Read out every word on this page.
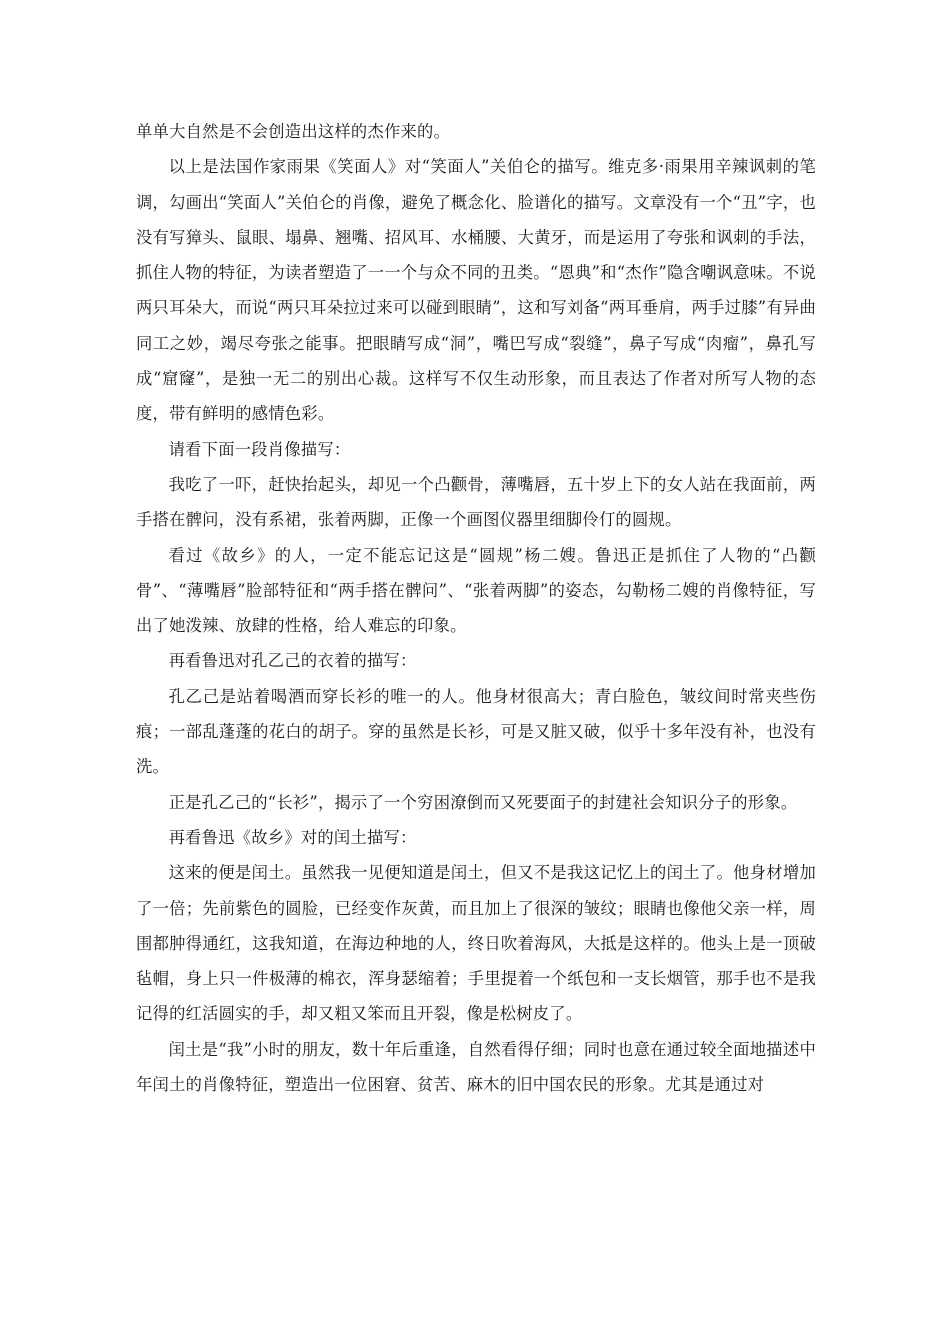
单单大自然是不会创造出这样的杰作来的。

以上是法国作家雨果《笑面人》对“笑面人”关伯仑的描写。维克多·雨果用辛辣讽刺的笔调，勾画出“笑面人”关伯仑的肖像，避免了概念化、脸谱化的描写。文章没有一个“丑”字，也没有写獐头、鼠眼、塌鼻、翘嘴、招风耳、水桶腰、大黄牙，而是运用了夸张和讽刺的手法，抓住人物的特征，为读者塑造了一一个与众不同的丑类。“恩典”和“杰作”隐含嘲讽意味。不说两只耳朵大，而说“两只耳朵拉过来可以碰到眼睛”，这和写刘备“两耳垂肩，两手过膝”有异曲同工之妙，竭尽夸张之能事。把眼睛写成“洞”，嘴巴写成“裂缝”，鼻子写成“肉瘤”，鼻孔写成“窟窿”，是独一无二的别出心裁。这样写不仅生动形象，而且表达了作者对所写人物的态度，带有鲜明的感情色彩。

请看下面一段肖像描写：

我吃了一吓，赶快抬起头，却见一个凸颧骨，薄嘴唇，五十岁上下的女人站在我面前，两手搭在髀问，没有系裙，张着两脚，正像一个画图仪器里细脚伶仃的圆规。

看过《故乡》的人，一定不能忘记这是“圆规”杨二嫂。鲁迅正是抓住了人物的“凸颧骨”、“薄嘴唇”脸部特征和“两手搭在髀问”、“张着两脚”的姿态，勾勒杨二嫂的肖像特征，写出了她泼辣、放肆的性格，给人难忘的印象。

再看鲁迅对孔乙己的衣着的描写：

孔乙己是站着喝酒而穿长衫的唯一的人。他身材很高大；青白脸色，皱纹间时常夹些伤痕；一部乱蓬蓬的花白的胡子。穿的虽然是长衫，可是又脏又破，似乎十多年没有补，也没有洗。

正是孔乙己的“长衫”，揭示了一个穷困潦倒而又死要面子的封建社会知识分子的形象。

再看鲁迅《故乡》对的闰土描写：

这来的便是闰土。虽然我一见便知道是闰土，但又不是我这记忆上的闰土了。他身材增加了一倍；先前紫色的圆脸，已经变作灰黄，而且加上了很深的皱纹；眼睛也像他父亲一样，周围都肿得通红，这我知道，在海边种地的人，终日吹着海风，大抵是这样的。他头上是一顶破毡帽，身上只一件极薄的棉衣，浑身瑟缩着；手里提着一个纸包和一支长烟管，那手也不是我记得的红活圆实的手，却又粗又笨而且开裂，像是松树皮了。

闰土是“我”小时的朋友，数十年后重逢，自然看得仔细；同时也意在通过较全面地描述中年闰土的肖像特征，塑造出一位困窘、贫苦、麻木的旧中国农民的形象。尤其是通过对
